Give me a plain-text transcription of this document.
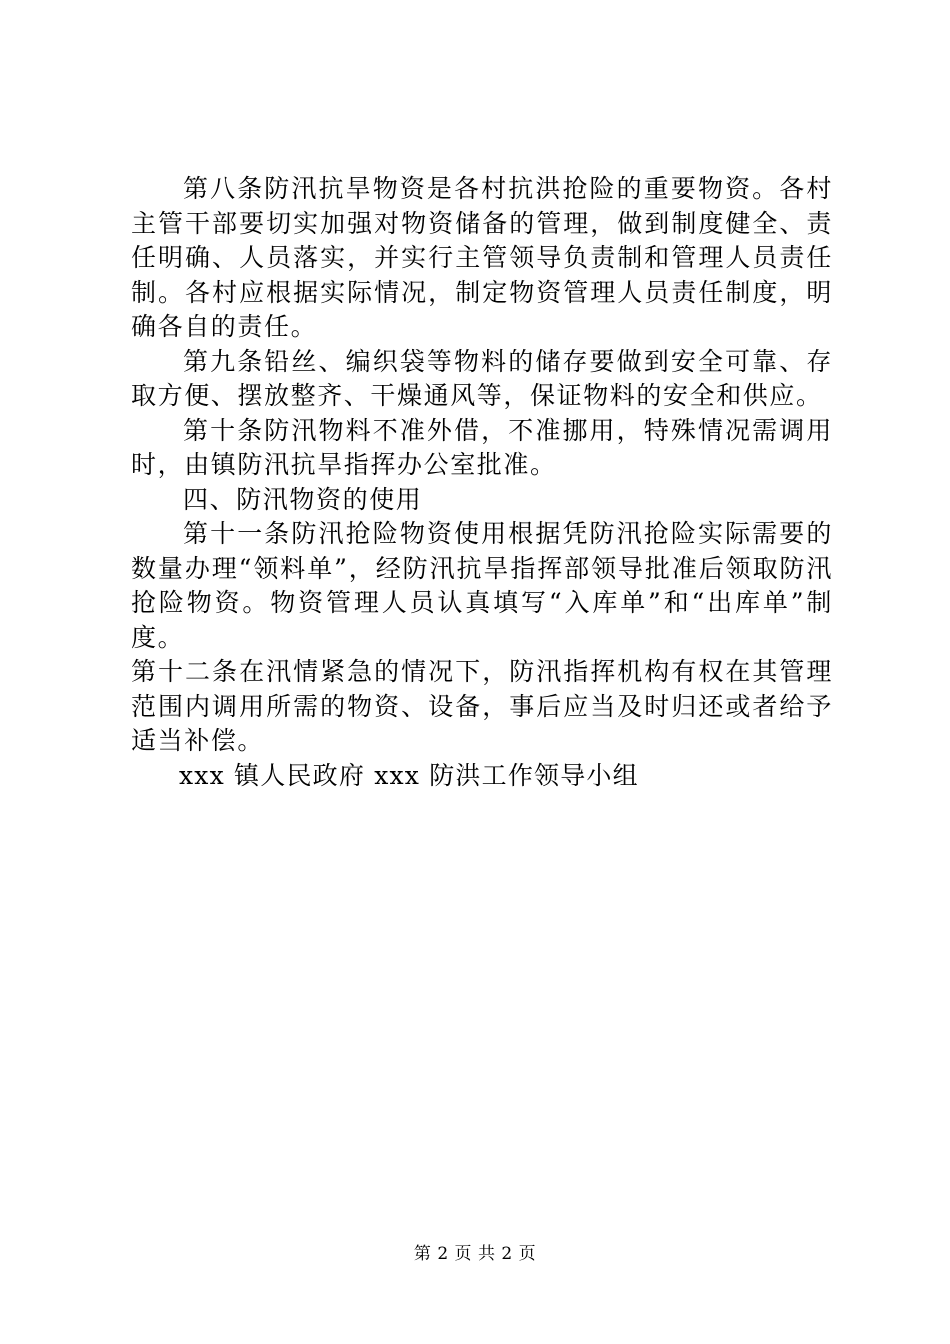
第八条防汛抗旱物资是各村抗洪抢险的重要物资。各村主管干部要切实加强对物资储备的管理，做到制度健全、责任明确、人员落实，并实行主管领导负责制和管理人员责任制。各村应根据实际情况，制定物资管理人员责任制度，明确各自的责任。

第九条铅丝、编织袋等物料的储存要做到安全可靠、存取方便、摆放整齐、干燥通风等，保证物料的安全和供应。

第十条防汛物料不准外借，不准挪用，特殊情况需调用时，由镇防汛抗旱指挥办公室批准。

四、防汛物资的使用

第十一条防汛抢险物资使用根据凭防汛抢险实际需要的数量办理“领料单”，经防汛抗旱指挥部领导批准后领取防汛抢险物资。物资管理人员认真填写“入库单”和“出库单”制度。

第十二条在汛情紧急的情况下，防汛指挥机构有权在其管理范围内调用所需的物资、设备，事后应当及时归还或者给予适当补偿。

xxx 镇人民政府 xxx 防洪工作领导小组

第 2 页 共 2 页
